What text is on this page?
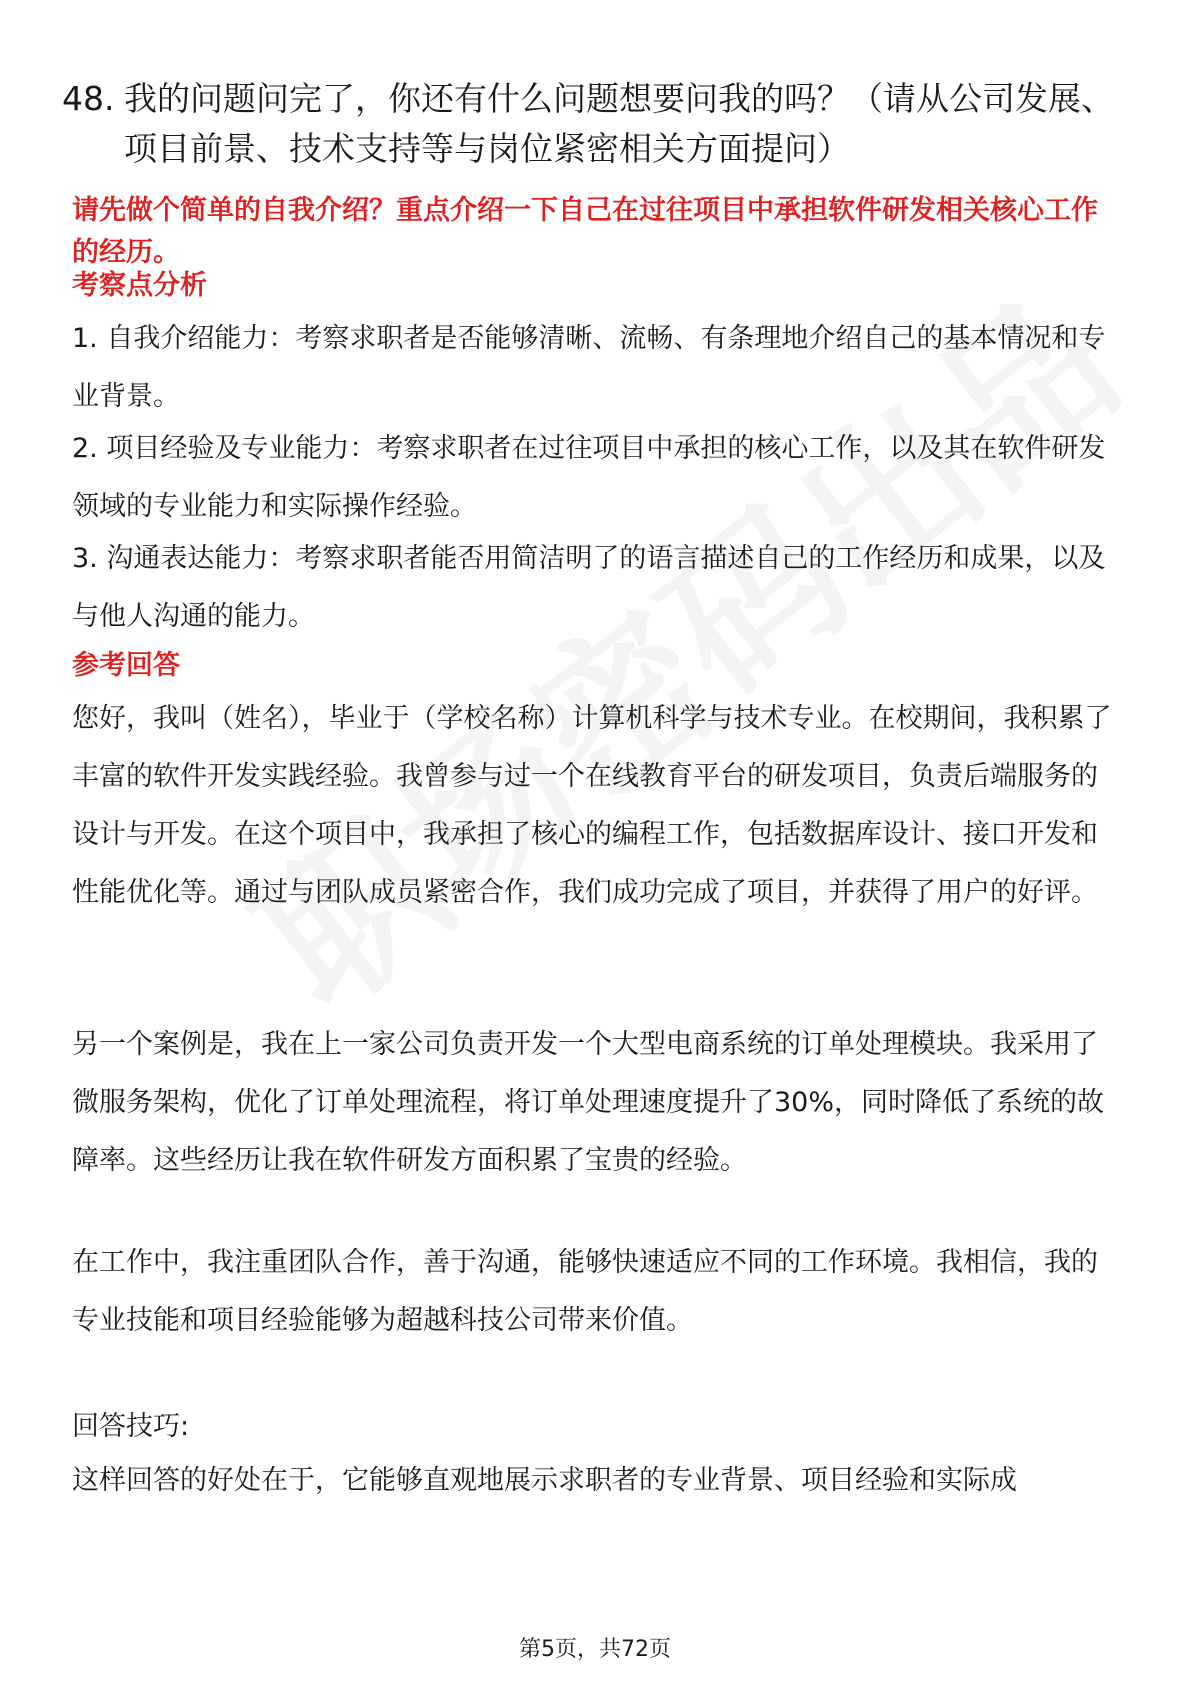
48. 我的问题问完了，你还有什么问题想要问我的吗？（请从公司发展、项目前景、技术支持等与岗位紧密相关方面提问）
请先做个简单的自我介绍？重点介绍一下自己在过往项目中承担软件研发相关核心工作的经历。
考察点分析
1. 自我介绍能力：考察求职者是否能够清晰、流畅、有条理地介绍自己的基本情况和专业背景。
2. 项目经验及专业能力：考察求职者在过往项目中承担的核心工作，以及其在软件研发领域的专业能力和实际操作经验。
3. 沟通表达能力：考察求职者能否用简洁明了的语言描述自己的工作经历和成果，以及与他人沟通的能力。
参考回答
您好，我叫（姓名），毕业于（学校名称）计算机科学与技术专业。在校期间，我积累了丰富的软件开发实践经验。我曾参与过一个在线教育平台的研发项目，负责后端服务的设计与开发。在这个项目中，我承担了核心的编程工作，包括数据库设计、接口开发和性能优化等。通过与团队成员紧密合作，我们成功完成了项目，并获得了用户的好评。
另一个案例是，我在上一家公司负责开发一个大型电商系统的订单处理模块。我采用了微服务架构，优化了订单处理流程，将订单处理速度提升了30%，同时降低了系统的故障率。这些经历让我在软件研发方面积累了宝贵的经验。
在工作中，我注重团队合作，善于沟通，能够快速适应不同的工作环境。我相信，我的专业技能和项目经验能够为超越科技公司带来价值。
回答技巧:
这样回答的好处在于，它能够直观地展示求职者的专业背景、项目经验和实际成
第5页，共72页
